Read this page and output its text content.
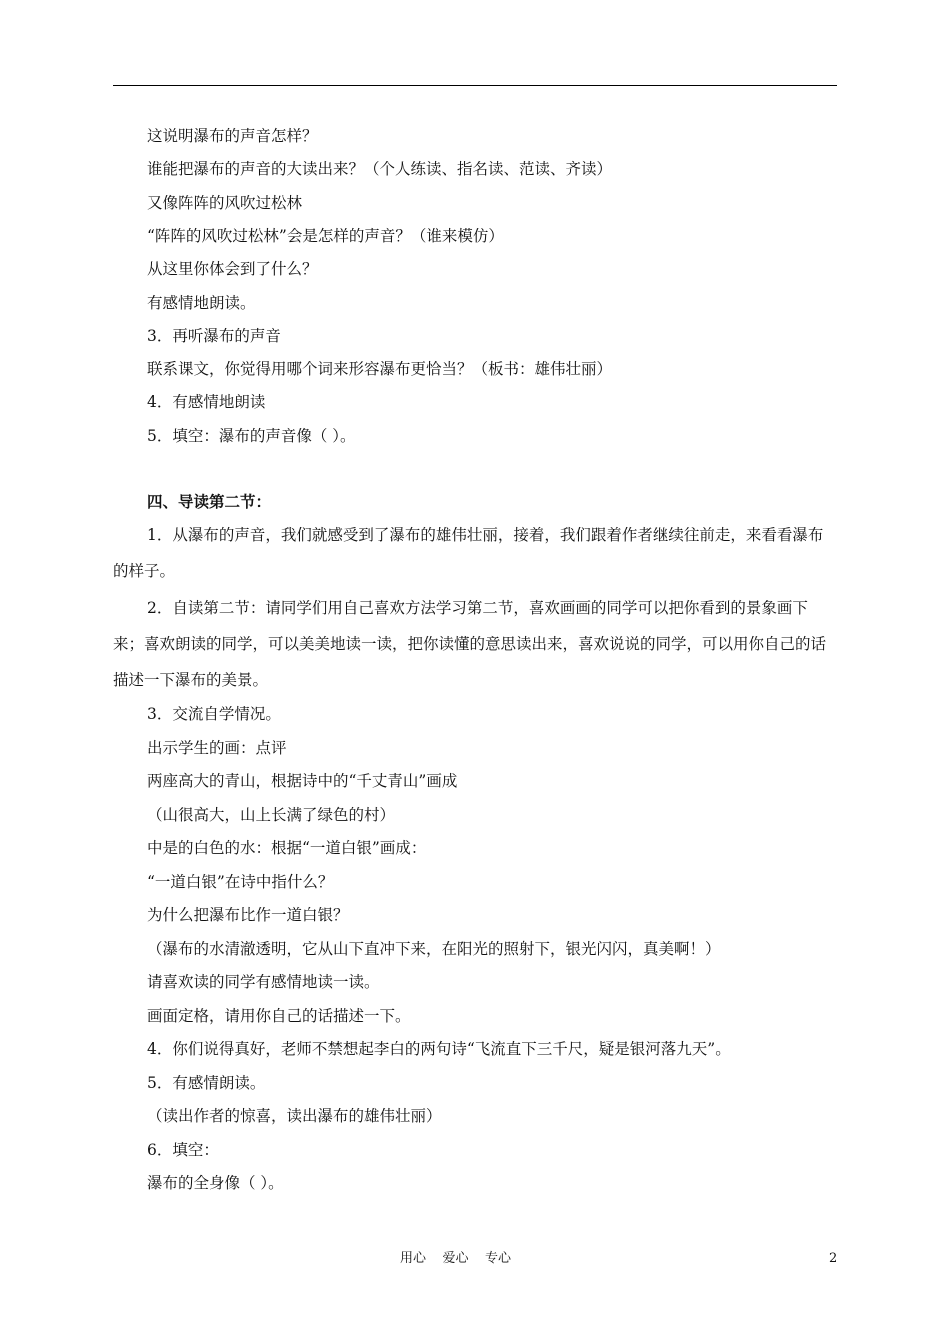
这说明瀑布的声音怎样？
谁能把瀑布的声音的大读出来？（个人练读、指名读、范读、齐读）
又像阵阵的风吹过松林
“阵阵的风吹过松林”会是怎样的声音？（谁来模仿）
从这里你体会到了什么？
有感情地朗读。
3．再听瀑布的声音
联系课文，你觉得用哪个词来形容瀑布更恰当？（板书：雄伟壮丽）
4．有感情地朗读
5．填空：瀑布的声音像（ ）。
四、导读第二节：
1．从瀑布的声音，我们就感受到了瀑布的雄伟壮丽，接着，我们跟着作者继续往前走，来看看瀑布的样子。
2．自读第二节：请同学们用自己喜欢方法学习第二节，喜欢画画的同学可以把你看到的景象画下来；喜欢朗读的同学，可以美美地读一读，把你读懂的意思读出来，喜欢说说的同学，可以用你自己的话描述一下瀑布的美景。
3．交流自学情况。
出示学生的画：点评
两座高大的青山，根据诗中的“千丈青山”画成
（山很高大，山上长满了绿色的村）
中是的白色的水：根据“一道白银”画成：
“一道白银”在诗中指什么？
为什么把瀑布比作一道白银？
（瀑布的水清澈透明，它从山下直冲下来，在阳光的照射下，银光闪闪，真美啊！）
请喜欢读的同学有感情地读一读。
画面定格，请用你自己的话描述一下。
4．你们说得真好，老师不禁想起李白的两句诗“飞流直下三千尺，疑是银河落九天”。
5．有感情朗读。
（读出作者的惊喜，读出瀑布的雄伟壮丽）
6．填空：
瀑布的全身像（ ）。
用心    爱心    专心	2
